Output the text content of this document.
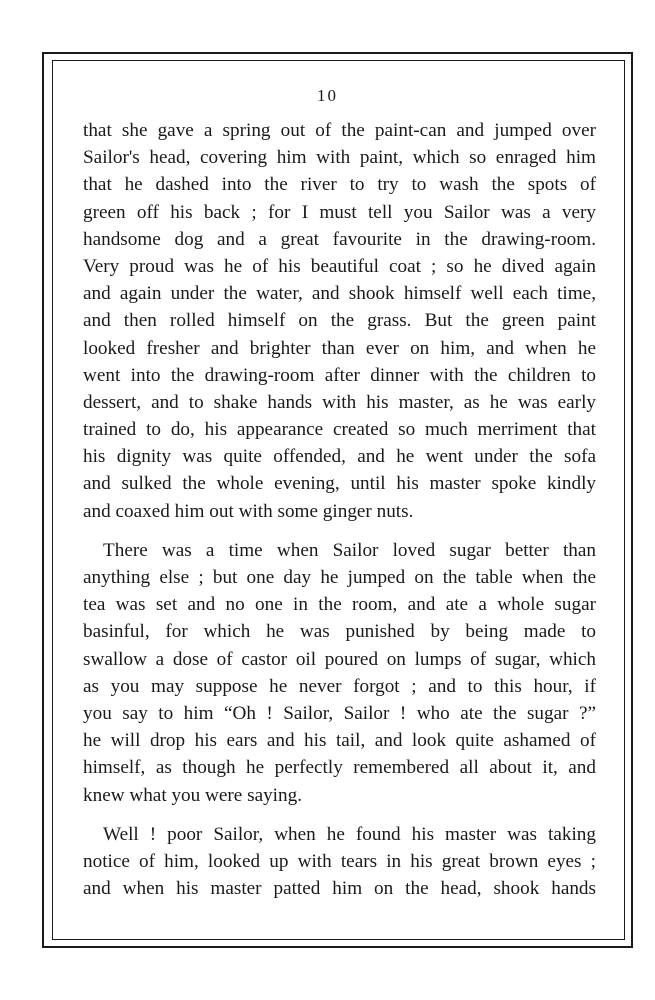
10
that she gave a spring out of the paint-can and jumped over
Sailor's head, covering him with paint, which so enraged him
that he dashed into the river to try to wash the spots of
green off his back ; for I must tell you Sailor was a very
handsome dog and a great favourite in the drawing-room.
Very proud was he of his beautiful coat ; so he dived again
and again under the water, and shook himself well each time,
and then rolled himself on the grass. But the green paint
looked fresher and brighter than ever on him, and when he
went into the drawing-room after dinner with the children to
dessert, and to shake hands with his master, as he was early
trained to do, his appearance created so much merriment that
his dignity was quite offended, and he went under the sofa
and sulked the whole evening, until his master spoke kindly
and coaxed him out with some ginger nuts.
There was a time when Sailor loved sugar better than
anything else ; but one day he jumped on the table when the
tea was set and no one in the room, and ate a whole sugar
basinful, for which he was punished by being made to
swallow a dose of castor oil poured on lumps of sugar, which
as you may suppose he never forgot ; and to this hour, if
you say to him “Oh ! Sailor, Sailor ! who ate the sugar ?”
he will drop his ears and his tail, and look quite ashamed of
himself, as though he perfectly remembered all about it, and
knew what you were saying.
Well ! poor Sailor, when he found his master was taking
notice of him, looked up with tears in his great brown eyes ;
and when his master patted him on the head, shook hands
